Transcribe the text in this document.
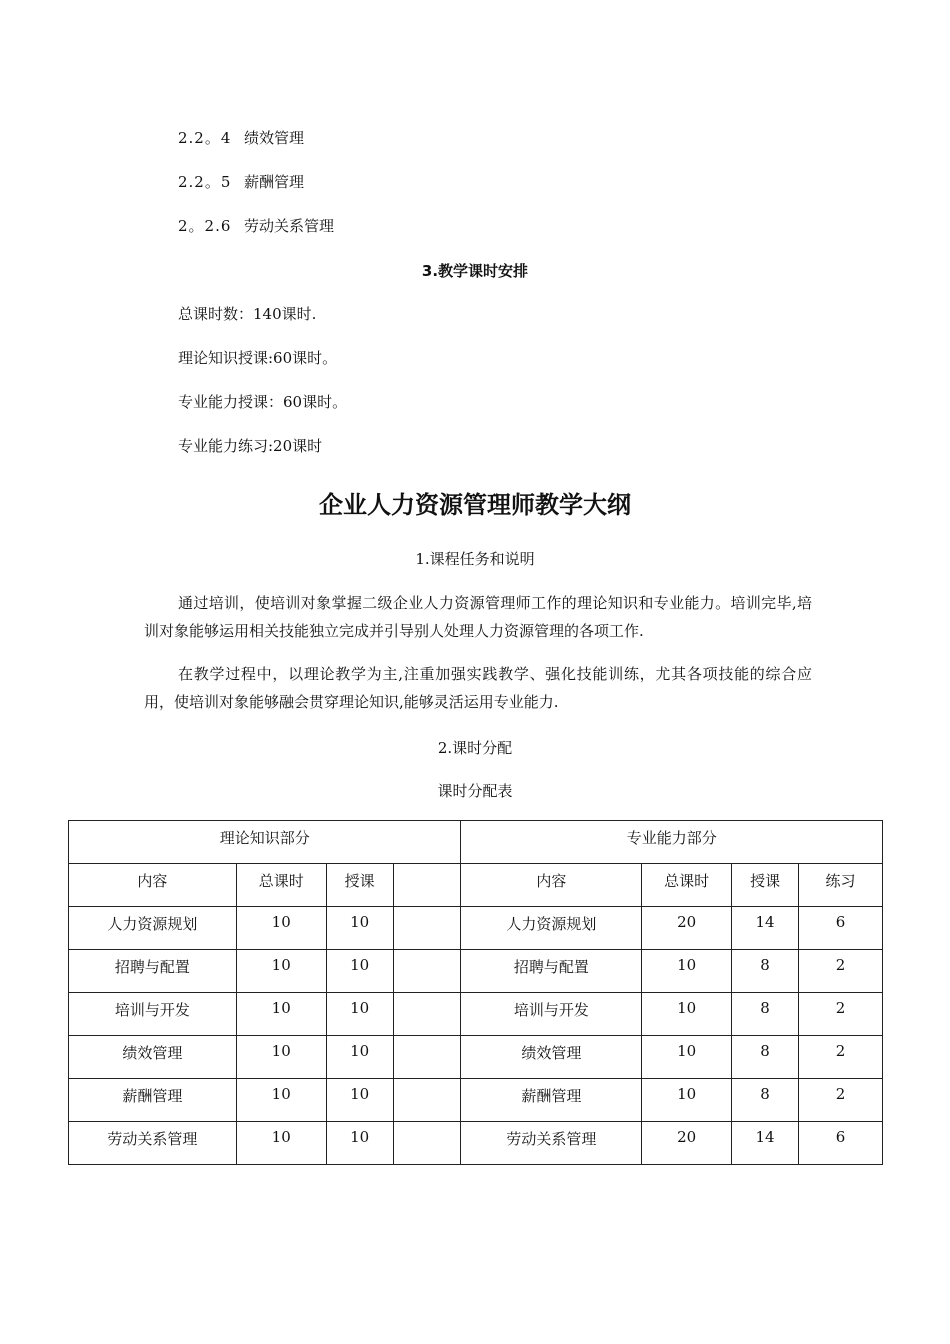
2.2。4 绩效管理
2.2。5 薪酬管理
2。2.6 劳动关系管理
3.教学课时安排
总课时数：140课时.
理论知识授课:60课时。
专业能力授课：60课时。
专业能力练习:20课时
企业人力资源管理师教学大纲
1.课程任务和说明
通过培训，使培训对象掌握二级企业人力资源管理师工作的理论知识和专业能力。培训完毕,培训对象能够运用相关技能独立完成并引导别人处理人力资源管理的各项工作.
在教学过程中，以理论教学为主,注重加强实践教学、强化技能训练，尤其各项技能的综合应用，使培训对象能够融会贯穿理论知识,能够灵活运用专业能力.
2.课时分配
课时分配表
理论知识部分				专业能力部分			
内容	总课时	授课		内容	总课时	授课	练习
人力资源规划	10	10		人力资源规划	20	14	6
招聘与配置	10	10		招聘与配置	10	8	2
培训与开发	10	10		培训与开发	10	8	2
绩效管理	10	10		绩效管理	10	8	2
薪酬管理	10	10		薪酬管理	10	8	2
劳动关系管理	10	10		劳动关系管理	20	14	6
